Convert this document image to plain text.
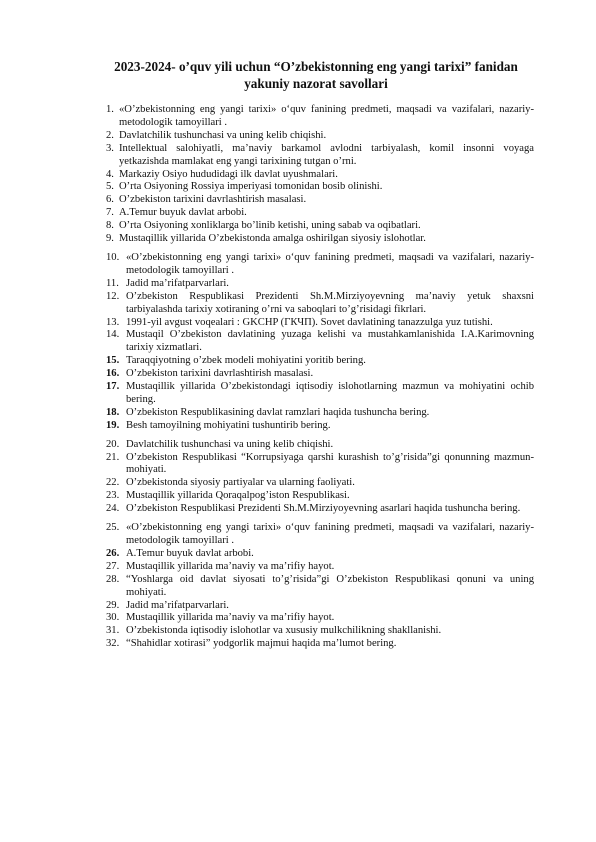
2023-2024- o’quv yili uchun “O’zbekistonning eng yangi tarixi” fanidan
yakuniy nazorat savollari
1. «O’zbekistonning eng yangi tarixi» o‘quv fanining predmeti, maqsadi va vazifalari, nazariy-metodologik tamoyillari .
2. Davlatchilik tushunchasi va uning kelib chiqishi.
3. Intellektual salohiyatli, ma’naviy barkamol avlodni tarbiyalash, komil insonni voyaga yetkazishda mamlakat eng yangi tarixining tutgan o’rni.
4. Markaziy Osiyo hududidagi ilk davlat uyushmalari.
5. O’rta Osiyoning Rossiya imperiyasi tomonidan bosib olinishi.
6. O’zbekiston tarixini davrlashtirish masalasi.
7. A.Temur buyuk davlat arbobi.
8. O’rta Osiyoning xonliklarga bo’linib ketishi, uning sabab va oqibatlari.
9. Mustaqillik yillarida O’zbekistonda amalga oshirilgan siyosiy islohotlar.
10. «O’zbekistonning eng yangi tarixi» o‘quv fanining predmeti, maqsadi va vazifalari, nazariy-metodologik tamoyillari .
11. Jadid ma’rifatparvarlari.
12. O’zbekiston Respublikasi Prezidenti Sh.M.Mirziyoyevning ma’naviy yetuk shaxsni tarbiyalashda tarixiy xotiraning o’rni va saboqlari to’g’risidagi fikrlari.
13. 1991-yil avgust voqealari : GKCHP (ГКЧП). Sovet davlatining tanazzulga yuz tutishi.
14. Mustaqil O’zbekiston davlatining yuzaga kelishi va mustahkamlanishida I.A.Karimovning tarixiy xizmatlari.
15. Taraqqiyotning o’zbek modeli mohiyatini yoritib bering.
16. O’zbekiston tarixini davrlashtirish masalasi.
17. Mustaqillik yillarida O’zbekistondagi iqtisodiy islohotlarning mazmun va mohiyatini ochib bering.
18. O’zbekiston Respublikasining davlat ramzlari haqida tushuncha bering.
19. Besh tamoyilning mohiyatini tushuntirib bering.
20. Davlatchilik tushunchasi va uning kelib chiqishi.
21. O’zbekiston Respublikasi “Korrupsiyaga qarshi kurashish to’g’risida”gi qonunning mazmun-mohiyati.
22. O’zbekistonda siyosiy partiyalar va ularning faoliyati.
23. Mustaqillik yillarida Qoraqalpog’iston Respublikasi.
24. O’zbekiston Respublikasi Prezidenti Sh.M.Mirziyoyevning asarlari haqida tushuncha bering.
25. «O’zbekistonning eng yangi tarixi» o‘quv fanining predmeti, maqsadi va vazifalari, nazariy-metodologik tamoyillari .
26. A.Temur buyuk davlat arbobi.
27. Mustaqillik yillarida ma’naviy va ma’rifiy hayot.
28. “Yoshlarga oid davlat siyosati to’g’risida”gi O’zbekiston Respublikasi qonuni va uning mohiyati.
29. Jadid ma’rifatparvarlari.
30. Mustaqillik yillarida ma’naviy va ma’rifiy hayot.
31. O’zbekistonda iqtisodiy islohotlar va xususiy mulkchilikning shakllanishi.
32. “Shahidlar xotirasi” yodgorlik majmui haqida ma’lumot bering.
